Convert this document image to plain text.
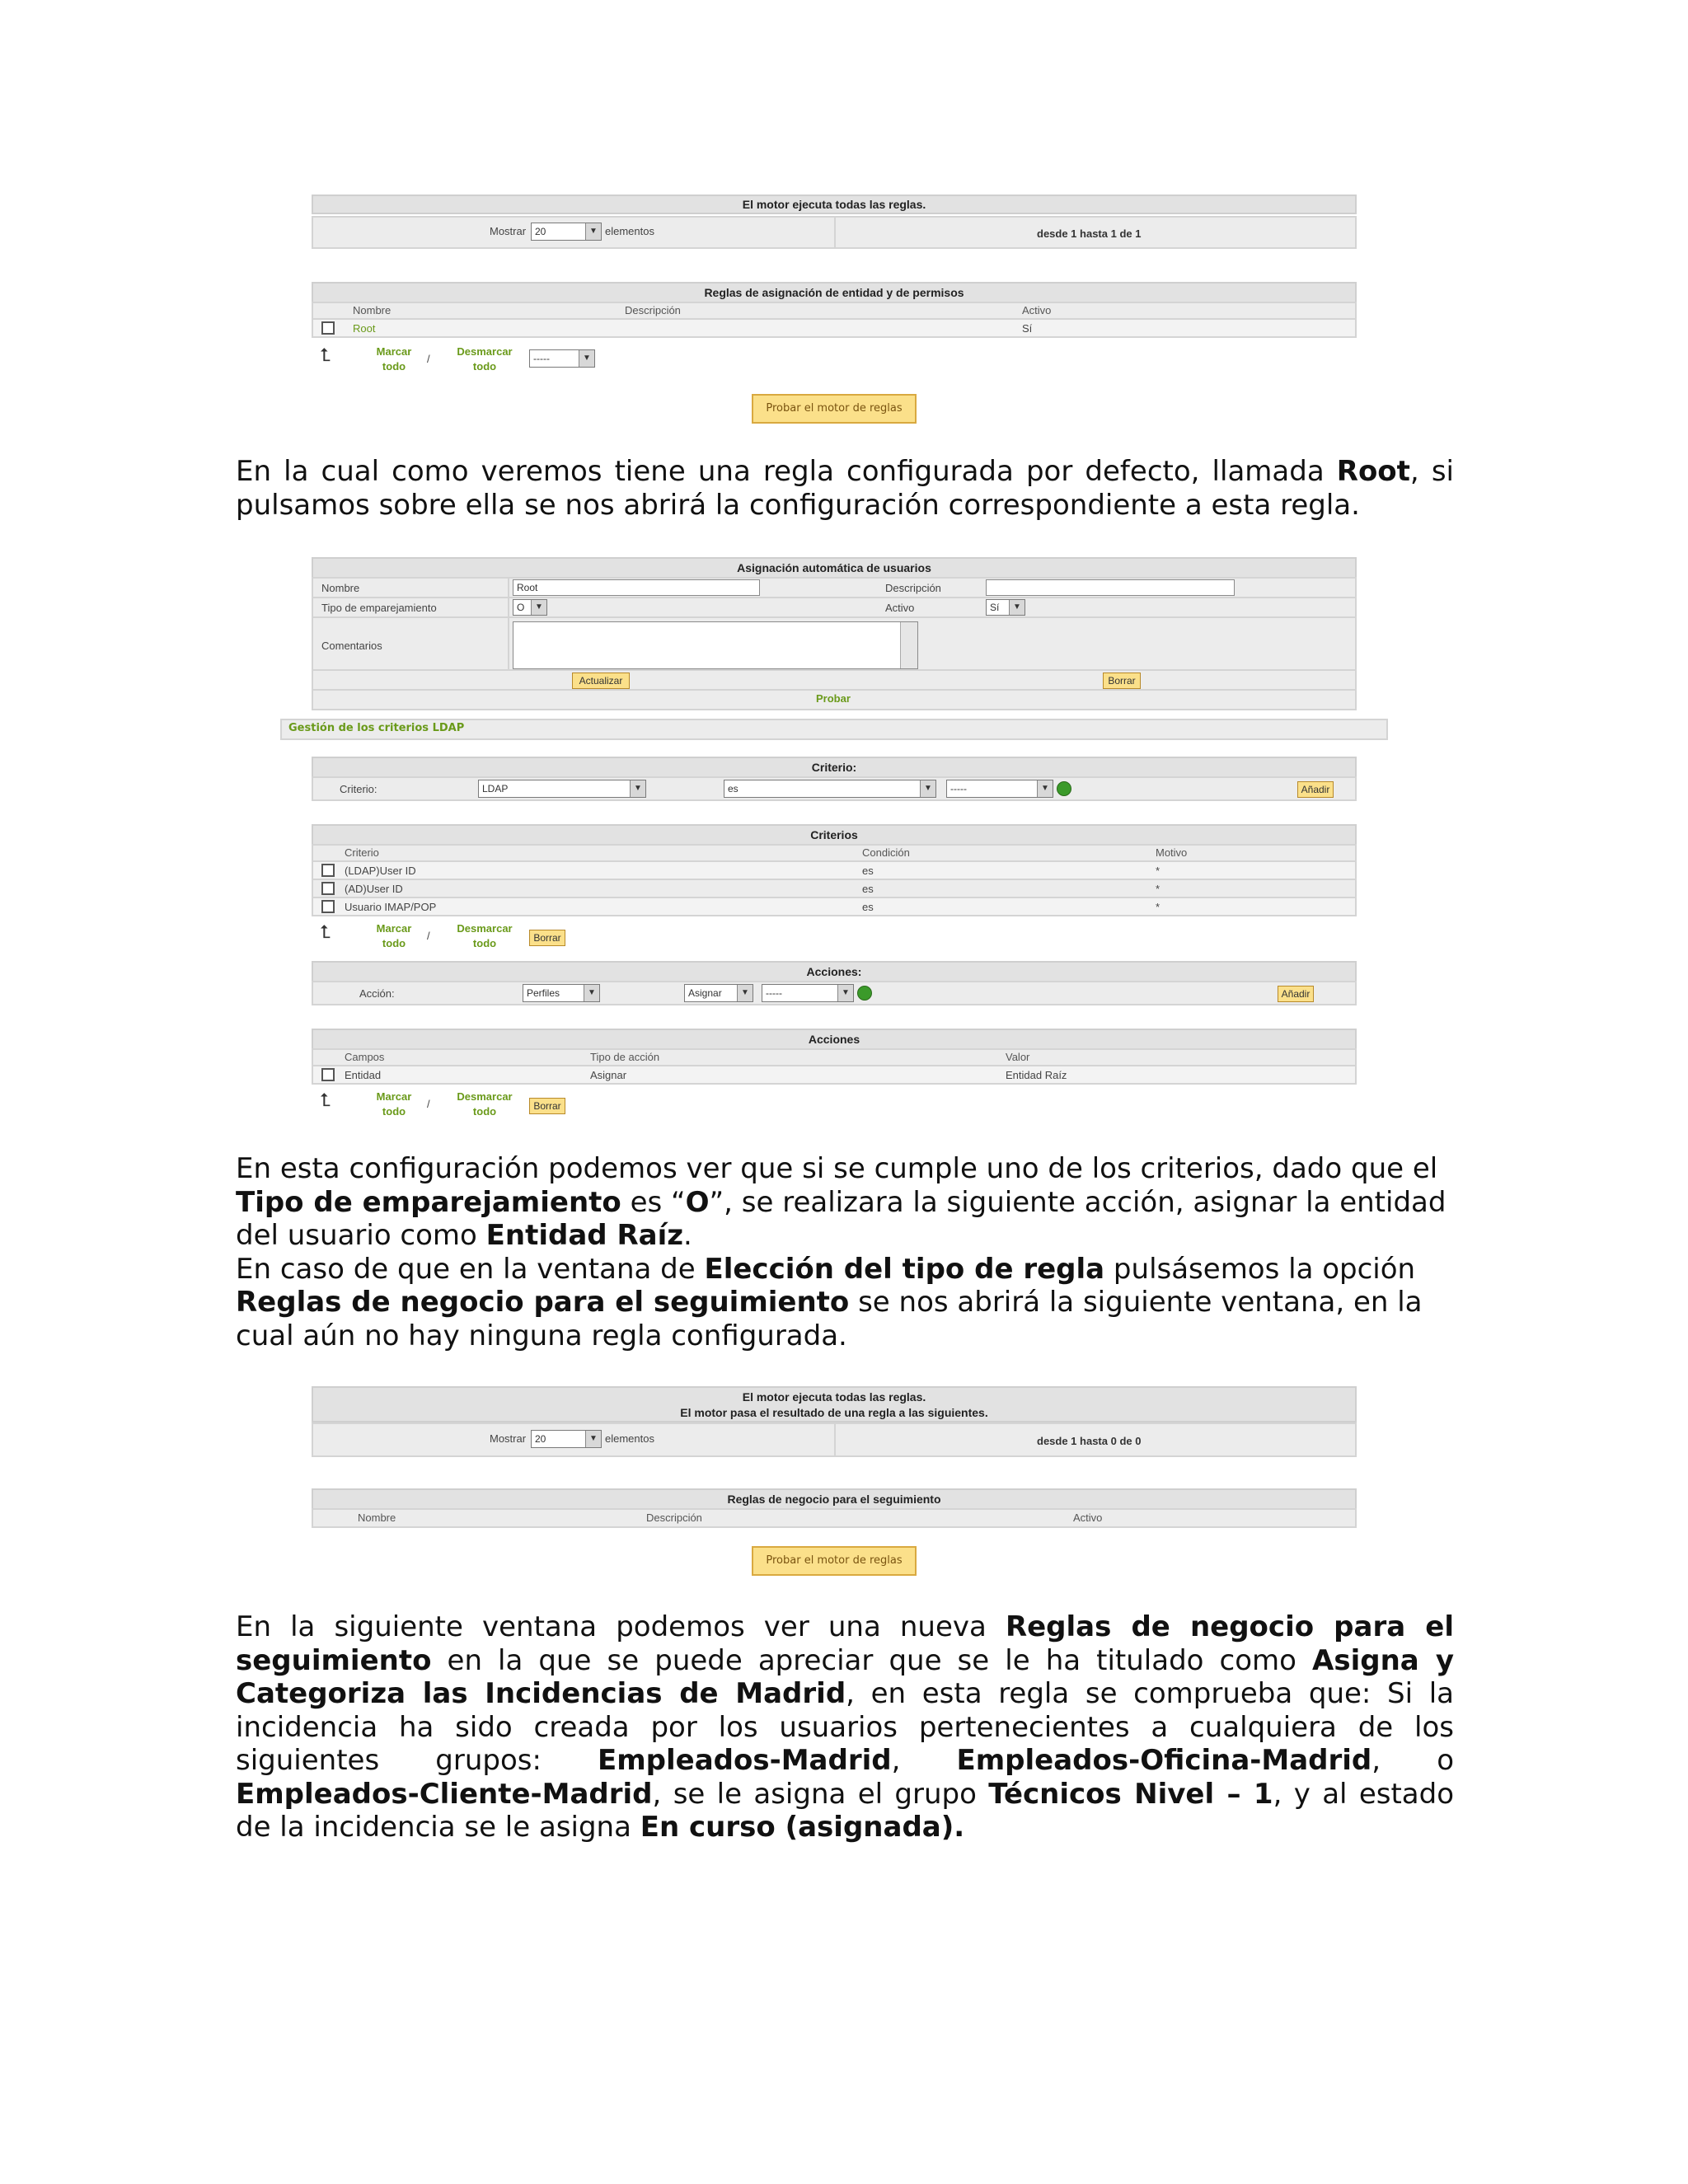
El motor ejecuta todas las reglas.
Mostrar 20	▼ elementos	desde 1 hasta 1 de 1
Reglas de asignación de entidad y de permisos
Nombre	Descripción	Activo
Root	Sí
⮤	Marcar
todo
/
Desmarcar
todo
-----	▼
Probar el motor de reglas

En la cual como veremos tiene una regla configurada por defecto, llamada Root, si pulsamos sobre ella se nos abrirá la configuración correspondiente a esta regla.

Asignación automática de usuarios
Nombre	Root	Descripción
Tipo de emparejamiento	O	▼	Activo	Sí	▼
Comentarios
Actualizar	Borrar
Probar
Gestión de los criterios LDAP
Criterio:
Criterio:	LDAP	▼	es	▼	-----	▼	Añadir
Criterios
Criterio	Condición	Motivo
(LDAP)User ID	es	*
(AD)User ID	es	*
Usuario IMAP/POP	es	*
⮤	Marcar
todo
/
Desmarcar
todo	Borrar
Acciones:
Acción:	Perfiles	▼	Asignar	▼	-----	▼	Añadir
Acciones
Campos	Tipo de acción	Valor
Entidad	Asignar	Entidad Raíz
⮤	Marcar
todo
/
Desmarcar
todo	Borrar
En esta configuración podemos ver que si se cumple uno de los criterios, dado que el Tipo de emparejamiento es “O”, se realizara la siguiente acción, asignar la entidad del usuario como Entidad Raíz.
En caso de que en la ventana de Elección del tipo de regla pulsásemos la opción Reglas de negocio para el seguimiento se nos abrirá la siguiente ventana, en la cual aún no hay ninguna regla configurada.
El motor ejecuta todas las reglas.
El motor pasa el resultado de una regla a las siguientes.
Mostrar 20	▼ elementos	desde 1 hasta 0 de 0
Reglas de negocio para el seguimiento
Nombre	Descripción	Activo
Probar el motor de reglas

En la siguiente ventana podemos ver una nueva Reglas de negocio para el seguimiento en la que se puede apreciar que se le ha titulado como Asigna y Categoriza las Incidencias de Madrid, en esta regla se comprueba que: Si la incidencia ha sido creada por los usuarios pertenecientes a cualquiera de los siguientes grupos: Empleados-Madrid, Empleados-Oficina-Madrid, o Empleados-Cliente-Madrid, se le asigna el grupo Técnicos Nivel – 1, y al estado de la incidencia se le asigna En curso (asignada).
